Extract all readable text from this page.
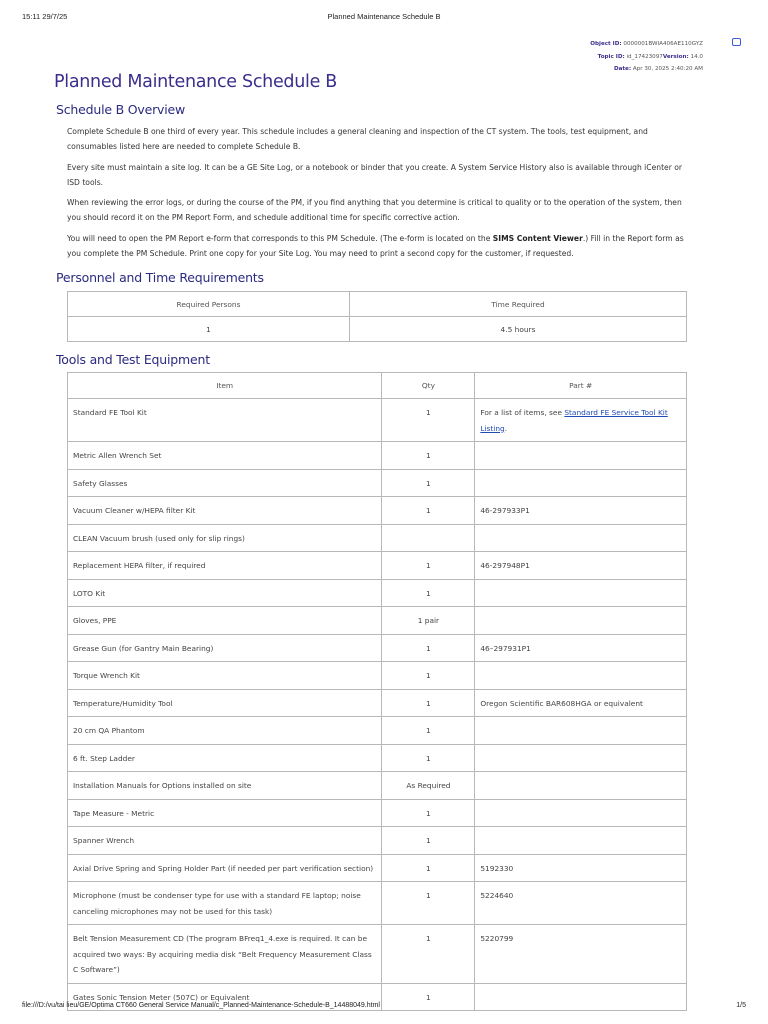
15:11 29/7/25	Planned Maintenance Schedule B
Object ID: 0000001BWIA406AE110GYZ
Topic ID: id_17423097Version: 14.0
Date: Apr 30, 2025 2:40:20 AM
Planned Maintenance Schedule B
Schedule B Overview

Complete Schedule B one third of every year. This schedule includes a general cleaning and inspection of the CT system. The tools, test equipment, and consumables listed here are needed to complete Schedule B.

Every site must maintain a site log. It can be a GE Site Log, or a notebook or binder that you create. A System Service History also is available through iCenter or ISD tools.

When reviewing the error logs, or during the course of the PM, if you find anything that you determine is critical to quality or to the operation of the system, then you should record it on the PM Report Form, and schedule additional time for specific corrective action.

You will need to open the PM Report e-form that corresponds to this PM Schedule. (The e-form is located on the SIMS Content Viewer.) Fill in the Report form as you complete the PM Schedule. Print one copy for your Site Log. You may need to print a second copy for the customer, if requested.

Personnel and Time Requirements
Required Persons	Time Required
1	4.5 hours
Tools and Test Equipment
Item	Qty	Part #
Standard FE Tool Kit	1	For a list of items, see Standard FE Service Tool Kit Listing.
Metric Allen Wrench Set	1	
Safety Glasses	1	
Vacuum Cleaner w/HEPA filter Kit	1	46-297933P1
CLEAN Vacuum brush (used only for slip rings)		
Replacement HEPA filter, if required	1	46-297948P1
LOTO Kit	1	
Gloves, PPE	1 pair	
Grease Gun (for Gantry Main Bearing)	1	46–297931P1
Torque Wrench Kit	1	
Temperature/Humidity Tool	1	Oregon Scientific BAR608HGA or equivalent
20 cm QA Phantom	1	
6 ft. Step Ladder	1	
Installation Manuals for Options installed on site	As Required	
Tape Measure - Metric	1	
Spanner Wrench	1	
Axial Drive Spring and Spring Holder Part (if needed per part verification section)	1	5192330
Microphone (must be condenser type for use with a standard FE laptop; noise canceling microphones may not be used for this task)	1	5224640
Belt Tension Measurement CD (The program BFreq1_4.exe is required. It can be acquired two ways: By acquiring media disk “Belt Frequency Measurement Class C Software”)	1	5220799
Gates Sonic Tension Meter (507C) or Equivalent	1	
file:///D:/vu/tai lieu/GE/Optima CT660 General Service Manual/c_Planned-Maintenance-Schedule-B_14488049.html	1/5
